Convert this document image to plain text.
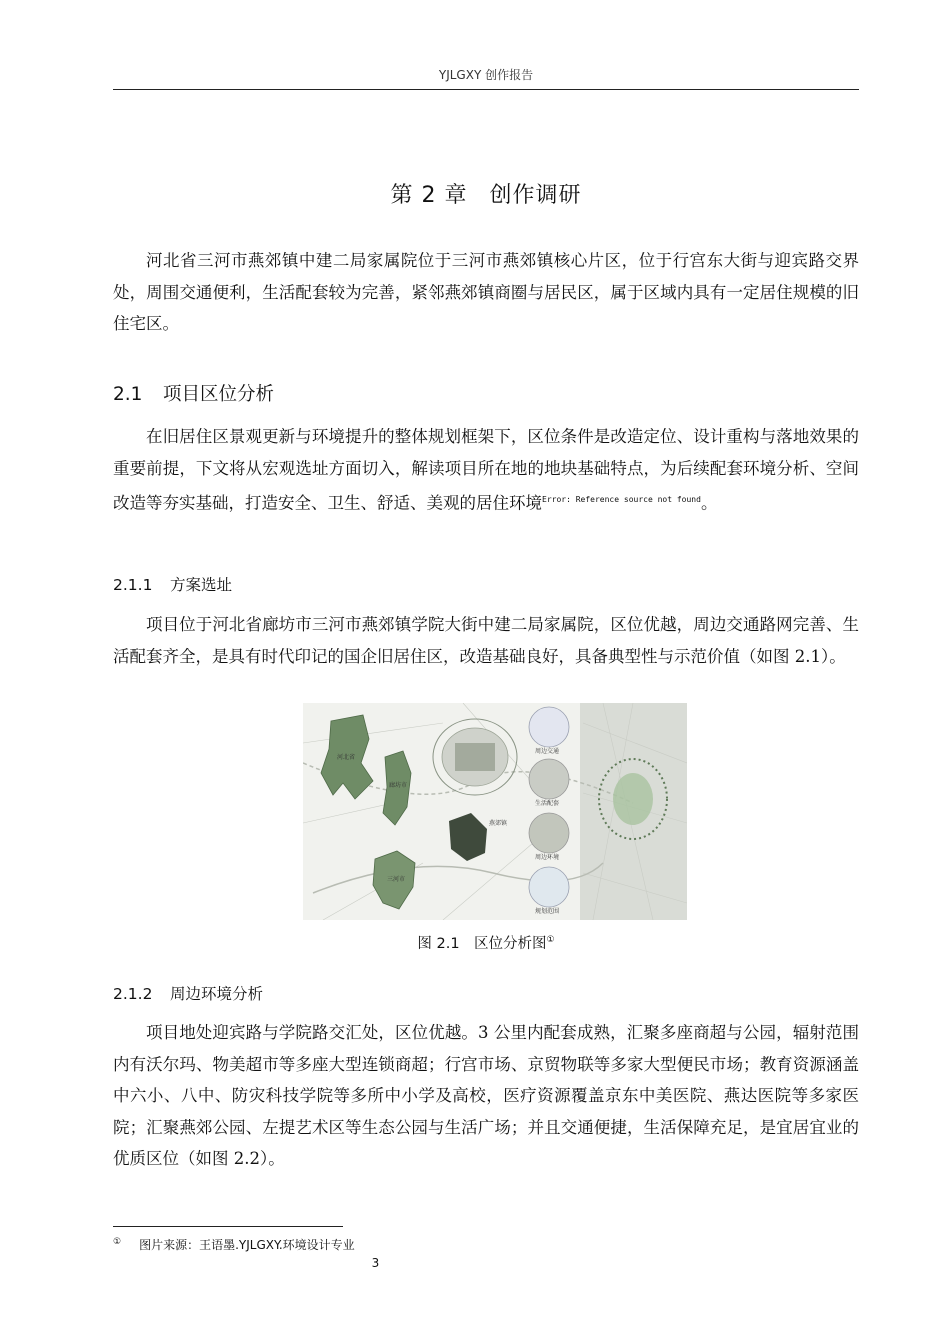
YJLGXY 创作报告
第 2 章 创作调研

河北省三河市燕郊镇中建二局家属院位于三河市燕郊镇核心片区，位于行宫东大街与迎宾路交界处，周围交通便利，生活配套较为完善，紧邻燕郊镇商圈与居民区，属于区域内具有一定居住规模的旧住宅区。

2.1 项目区位分析

在旧居住区景观更新与环境提升的整体规划框架下，区位条件是改造定位、设计重构与落地效果的重要前提，下文将从宏观选址方面切入，解读项目所在地的地块基础特点，为后续配套环境分析、空间改造等夯实基础，打造安全、卫生、舒适、美观的居住环境$^{Error: Reference source not found}$。

2.1.1 方案选址

项目位于河北省廊坊市三河市燕郊镇学院大街中建二局家属院，区位优越，周边交通路网完善、生活配套齐全，是具有时代印记的国企旧居住区，改造基础良好，具备典型性与示范价值（如图 2.1）。

河北省
廊坊市
三河市
燕郊镇
周边交通
生活配套
周边环境
规划范围
图 2.1　区位分析图①
2.1.2 周边环境分析

项目地处迎宾路与学院路交汇处，区位优越。3 公里内配套成熟，汇聚多座商超与公园，辐射范围内有沃尔玛、物美超市等多座大型连锁商超；行宫市场、京贸物联等多家大型便民市场；教育资源涵盖中六小、八中、防灾科技学院等多所中小学及高校，医疗资源覆盖京东中美医院、燕达医院等多家医院；汇聚燕郊公园、左提艺术区等生态公园与生活广场；并且交通便捷，生活保障充足，是宜居宜业的优质区位（如图 2.2）。

① 图片来源：王语墨.YJLGXY.环境设计专业
3
